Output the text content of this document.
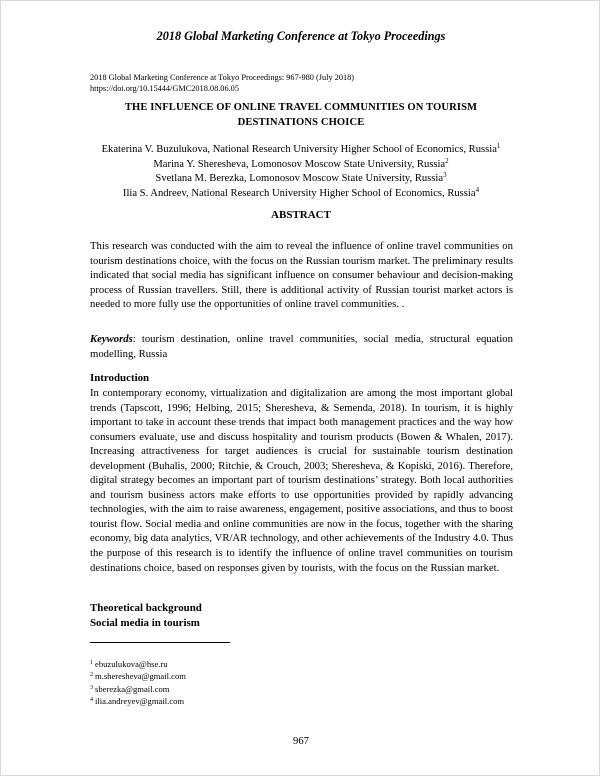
2018 Global Marketing Conference at Tokyo Proceedings
2018 Global Marketing Conference at Tokyo Proceedings: 967-980 (July 2018)
https://doi.org/10.15444/GMC2018.08.06.05
THE INFLUENCE OF ONLINE TRAVEL COMMUNITIES ON TOURISM
DESTINATIONS CHOICE
Ekaterina V. Buzulukova, National Research University Higher School of Economics, Russia$^1$
Marina Y. Sheresheva, Lomonosov Moscow State University, Russia$^2$
Svetlana M. Berezka, Lomonosov Moscow State University, Russia$^3$
Ilia S. Andreev, National Research University Higher School of Economics, Russia$^4$
ABSTRACT
This research was conducted with the aim to reveal the influence of online travel communities on tourism destinations choice, with the focus on the Russian tourism market. The preliminary results indicated that social media has significant influence on consumer behaviour and decision-making process of Russian travellers. Still, there is additional activity of Russian tourist market actors is needed to more fully use the opportunities of online travel communities. .
Keywords: tourism destination, online travel communities, social media, structural equation modelling, Russia
Introduction
In contemporary economy, virtualization and digitalization are among the most important global trends (Tapscott, 1996; Helbing, 2015; Sheresheva, & Semenda, 2018). In tourism, it is highly important to take in account these trends that impact both management practices and the way how consumers evaluate, use and discuss hospitality and tourism products (Bowen & Whalen, 2017). Increasing attractiveness for target audiences is crucial for sustainable tourism destination development (Buhalis, 2000; Ritchie, & Crouch, 2003; Sheresheva, & Kopiski, 2016). Therefore, digital strategy becomes an important part of tourism destinations’ strategy. Both local authorities and tourism business actors make efforts to use opportunities provided by rapidly advancing technologies, with the aim to raise awareness, engagement, positive associations, and thus to boost tourist flow. Social media and online communities are now in the focus, together with the sharing economy, big data analytics, VR/AR technology, and other achievements of the Industry 4.0. Thus the purpose of this research is to identify the influence of online travel communities on tourism destinations choice, based on responses given by tourists, with the focus on the Russian market.
Theoretical background
Social media in tourism
$^1$ ebuzulukova@hse.ru
$^2$ m.sheresheva@gmail.com
$^3$ sberezka@gmail.com
$^4$ ilia.andreyev@gmail.com
967
